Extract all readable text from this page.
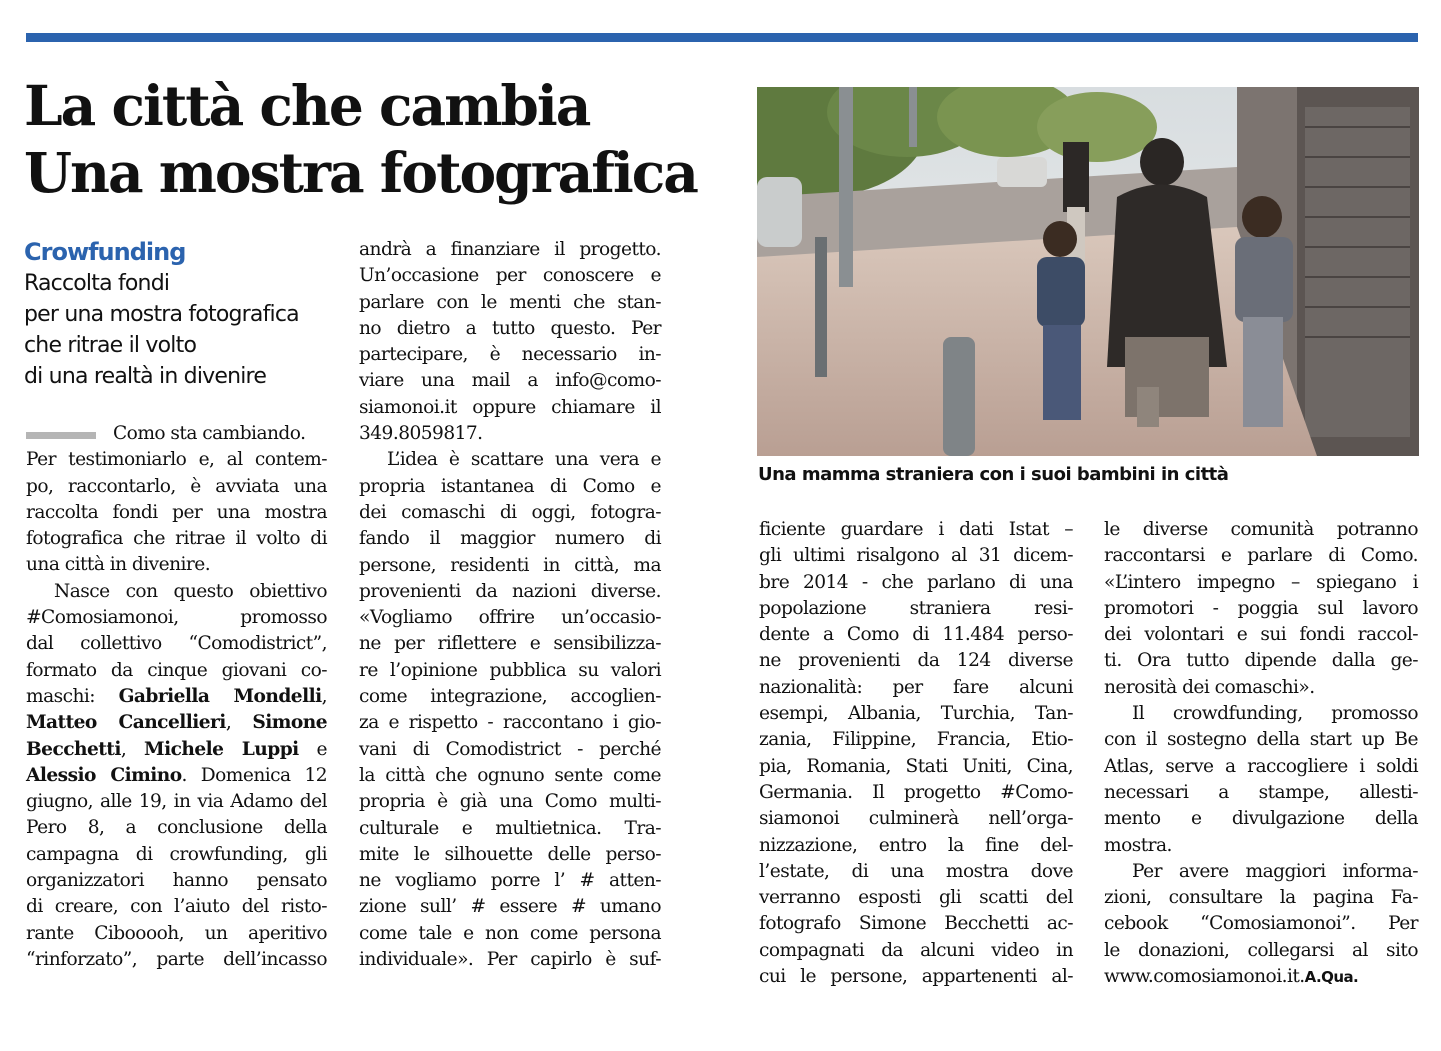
La città che cambia
Una mostra fotografica
Crowfunding
Raccolta fondi
per una mostra fotografica
che ritrae il volto
di una realtà in divenire

Como sta cambiando.
Per testimoniarlo e, al contem-
po, raccontarlo, è avviata una
raccolta fondi per una mostra
fotografica che ritrae il volto di
una città in divenire.

Nasce con questo obiettivo
#Comosiamonoi, promosso
dal collettivo “Comodistrict”,
formato da cinque giovani co-
maschi: Gabriella Mondelli,
Matteo Cancellieri, Simone
Becchetti, Michele Luppi e
Alessio Cimino. Domenica 12
giugno, alle 19, in via Adamo del
Pero 8, a conclusione della
campagna di crowfunding, gli
organizzatori hanno pensato
di creare, con l’aiuto del risto-
rante Cibooooh, un aperitivo
“rinforzato”, parte dell’incasso

andrà a finanziare il progetto.
Un’occasione per conoscere e
parlare con le menti che stan-
no dietro a tutto questo. Per
partecipare, è necessario in-
viare una mail a info@como-
siamonoi.it oppure chiamare il
349.8059817.

L’idea è scattare una vera e
propria istantanea di Como e
dei comaschi di oggi, fotogra-
fando il maggior numero di
persone, residenti in città, ma
provenienti da nazioni diverse.
«Vogliamo offrire un’occasio-
ne per riflettere e sensibilizza-
re l’opinione pubblica su valori
come integrazione, accoglien-
za e rispetto - raccontano i gio-
vani di Comodistrict - perché
la città che ognuno sente come
propria è già una Como multi-
culturale e multietnica. Tra-
mite le silhouette delle perso-
ne vogliamo porre l’ # atten-
zione sull’ # essere # umano
come tale e non come persona
individuale». Per capirlo è suf-

Una mamma straniera con i suoi bambini in città

ficiente guardare i dati Istat –
gli ultimi risalgono al 31 dicem-
bre 2014 - che parlano di una
popolazione straniera resi-
dente a Como di 11.484 perso-
ne provenienti da 124 diverse
nazionalità: per fare alcuni
esempi, Albania, Turchia, Tan-
zania, Filippine, Francia, Etio-
pia, Romania, Stati Uniti, Cina,
Germania. Il progetto #Como-
siamonoi culminerà nell’orga-
nizzazione, entro la fine del-
l’estate, di una mostra dove
verranno esposti gli scatti del
fotografo Simone Becchetti ac-
compagnati da alcuni video in
cui le persone, appartenenti al-

le diverse comunità potranno
raccontarsi e parlare di Como.
«L’intero impegno – spiegano i
promotori - poggia sul lavoro
dei volontari e sui fondi raccol-
ti. Ora tutto dipende dalla ge-
nerosità dei comaschi».

Il crowdfunding, promosso
con il sostegno della start up Be
Atlas, serve a raccogliere i soldi
necessari a stampe, allesti-
mento e divulgazione della
mostra.

Per avere maggiori informa-
zioni, consultare la pagina Fa-
cebook “Comosiamonoi”. Per
le donazioni, collegarsi al sito
www.comosiamonoi.it.A.Qua.
